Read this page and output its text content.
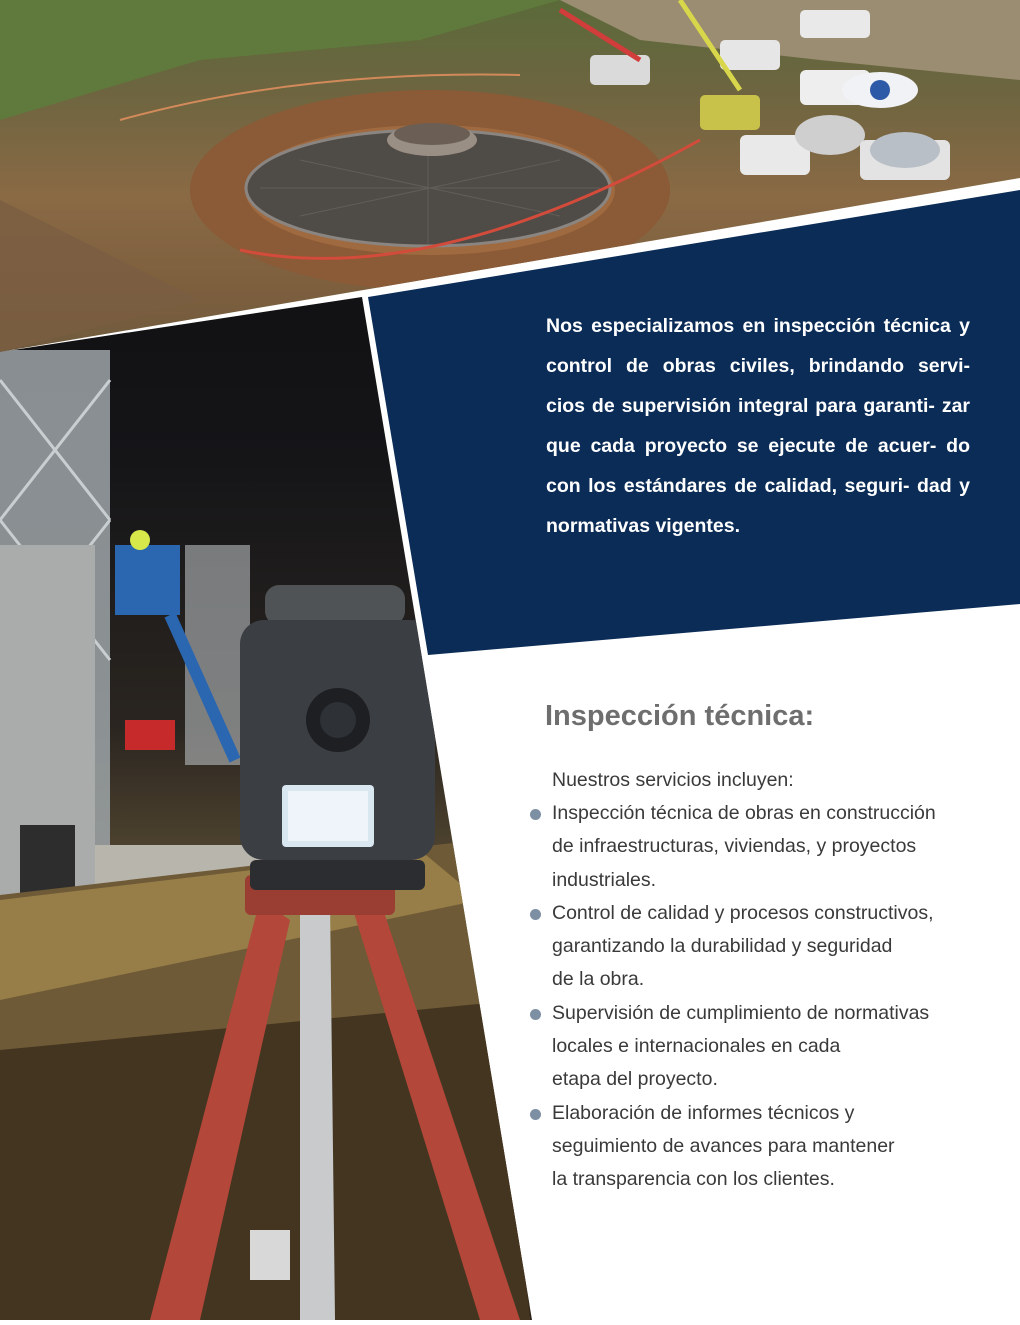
Nos especializamos en inspección técnica y control de obras civiles, brindando servi- cios de supervisión integral para garanti- zar que cada proyecto se ejecute de acuer- do con los estándares de calidad, seguri- dad y normativas vigentes.

Inspección técnica:

Nuestros servicios incluyen:

Inspección técnica de obras en construcción
de infraestructuras, viviendas, y proyectos
industriales.
Control de calidad y procesos constructivos,
garantizando la durabilidad y seguridad
de la obra.
Supervisión de cumplimiento de normativas
locales e internacionales en cada
etapa del proyecto.
Elaboración de informes técnicos y
seguimiento de avances para mantener
la transparencia con los clientes.
